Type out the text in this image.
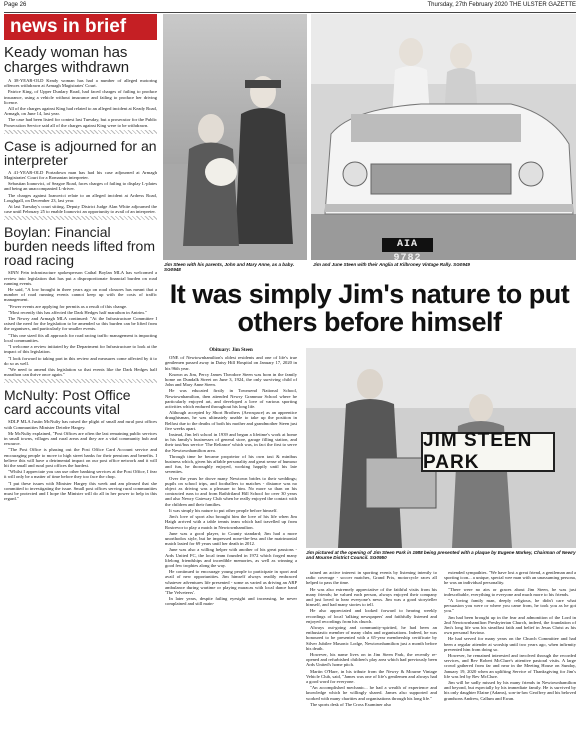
Page 26	Thursday, 27th February 2020 THE ULSTER GAZETTE
news in brief
Keady woman has charges withdrawn

A 38-YEAR-OLD Keady woman has had a number of alleged motoring offences withdrawn at Armagh Magistrates' Court.

Patrice King, of Upper Dunlary Road, had faced charges of failing to produce insurance, using a vehicle without insurance and failing to produce her driving licence.

All of the charges against King had related to an alleged incident at Keady Road, Armagh, on June 14, last year.

The case had been listed for contest last Tuesday, but a prosecutor for the Public Prosecution Service said all of the charges against King were to be withdrawn.

Case is adjourned for an interpreter

A 41-YEAR-OLD Portadown man has had his case adjourned at Armagh Magistrates' Court for a Romanian interpreter.

Sebastian Ioanovici, of Seagoe Road, faces charges of failing to display L-plates and being an unaccompanied L-driver.

The charges against Ioanovici relate to an alleged incident at Ardress Road, Loughgall, on December 23, last year.

At last Tuesday's court sitting, Deputy District Judge Alan White adjourned the case until February 25 to enable Ioanovici an opportunity to avail of an interpreter.

Boylan: Financial burden needs lifted from road racing

SINN Fein infrastructure spokesperson Cathal Boylan MLA has welcomed a review into legislation that has put a disproportionate financial burden on road running events.

He said, "A low brought in three years ago on road closures has meant that a number of road running events cannot keep up with the costs of traffic management.

"Fewer events are applying for permits as a result of this change.

"Most recently this has affected the Dark Hedges half marathon in Antrim."

The Newry and Armagh MLA continued: "At the Infrastructure Committee I raised the need for the legislation to be amended so this burden can be lifted from the organisers, and particularly for smaller events.

"This one sized fits all approach for road racing traffic management is impacting local communities.

"I welcome a review initiated by the Department for Infrastructure to look at the impact of this legislation.

"I look forward to taking part in this review and measures come affected by it to do so as well.

"We need to amend this legislation so that events like the Dark Hedges half marathon can thrive once again."

McNulty: Post Office card accounts vital

SDLP MLA Justin McNulty has raised the plight of small and rural post offices with Communities Minister Deirdre Hargey.

Mr McNulty explained, "Post Offices are often the last remaining public services in small towns, villages and rural areas and they are a vital community hub and resource.

"The Post Office is phasing out the Post Office Card Account service and encouraging people to move to high street banks for their pensions and benefits. I believe this will have a detrimental impact on our post office network and it will hit the small and rural post offices the hardest.

"Whilst I appreciate you can use other banking services at the Post Office, I fear it will only be a matter of time before they too face the chop.

"I put these issues with Minister Hargey this week and am pleased that she committed to investigating the issue. Small post offices serving rural communities must be protected and I hope the Minister will do all in her power to help in this regard."

Jim Steen with his parents, John and Mary Anne, as a baby. SG0948
AIA 9782
Jim and June Steen with their Anglia at Kilbroney Vintage Rally. SG0949
It was simply Jim's nature to put others before himself
Obituary: Jim Steen

ONE of Newtownhamilton's oldest residents and one of life's true gentlemen passed away in Daisy Hill Hospital on January 17, 2020 in his 96th year.

Known as Jim, Percy James Theodore Steen was born in the family home on Dundalk Street on June 3, 1924, the only surviving child of John and Mary Anne Steen.

He was educated firstly in Townsend National School, Newtownhamilton, then attended Newry Grammar School where he particularly enjoyed art, and developed a love of various sporting activities which endured throughout his long life.

Although accepted by Short Brothers (Aerospace) as an apprentice draughtsman, he was ultimately unable to take up the position in Belfast due to the deaths of both his mother and grandmother Steen just five weeks apart.

Instead, Jim left school in 1939 and began a lifetime's work at home in his family's businesses of general store, garage filling station, and their taxi/bus service 'The Reliance' which was, in fact the first to serve the Newtownhamilton area.

Through time he became proprietor of his own taxi & minibus business which, given his affable personality and great sense of humour and fun, he thoroughly enjoyed, working happily until his late seventies.

Over the years he drove many Newtown brides to their weddings; pupils on school trips, and footballers to matches - distance was no object as driving was a pleasure to him. No more so than on his contracted runs to and from Rathfriland Hill School for over 30 years and also Newry Gateway Club when he really enjoyed the contact with the children and their families.

It was simply his nature to put other people before himself.

Jim's love of sport also brought him the love of his life when Jim Haigh arrived with a table tennis team which had travelled up from Rostrevor to play a match in Newtownhamilton.

June was a good player, to County standard; Jim had a more unorthodox style, but he impressed none-the-less and the matrimonial match lasted for 69 years until her death in 2012.

June was also a willing helper with another of his great passions - Ards United FC, the local team founded in 1972 which forged many lifelong friendships and incredible memories, as well as winning a good few trophies along the way.

He continued to encourage young people to participate in sport and avail of new opportunities. Jim himself always readily embraced whatever adventures life presented - some as varied as driving an ARP ambulance during wartime or playing maracas with local dance band 'The Velveteers'.

In later years, despite failing eyesight and increasing, he never complained and still main-

JIM STEEN PARK
Jim pictured at the opening of Jim Steen Park in 1988 being presented with a plaque by Eugene Markey, Chairman of Newry and Mourne District Council. SG0950

tained an active interest in sporting events by listening intently to radio coverage - soccer matches, Grand Prix, motorcycle races all helped to pass the time.

He was also extremely appreciative of the faithful visits from his many friends; he valued each person, always enjoyed their company and just loved to hear everyone's news. Jim was a good storyteller himself, and had many stories to tell.

He also appreciated and looked forward to hearing weekly recordings of local 'talking newspapers' and faithfully listened and enjoyed recordings from his church.

Always out-going and community-spirited, he had been an enthusiastic member of many clubs and organisations. Indeed, he was honoured to be presented with a 65-year membership certificate by Silver Jubilee Masonic Lodge, Newtownhamilton just a month before his death.

However, his name lives on in Jim Steen Park, the recently re-opened and refurbished children's play area which had previously been Ards United's home pitch.

Martin O'Hare, in his tribute from the Newry & Mourne Vintage Vehicle Club, said, "James was one of life's gentlemen and always had a good word for everyone.

"An accomplished mechanic... he had a wealth of experience and knowledge which he willingly shared. James also supported and worked with many charities and organisations through his long life."

The sports desk of The Cross Examiner also

extended sympathies. "We have lost a great friend, a gentleman and a sporting icon... a unique, special wee man with an unassuming persona, he was an individual personality.

"There were no airs or graces about Jim Steen, he was just indescribable, everything to everyone and much more to his friends.

"A loving family man, deeply religious, he didn't care what persuasion you were or where you came from, he took you as he got you."

Jim had been brought up in the fear and admonition of the Lord in 2nd Newtownhamilton Presbyterian Church, indeed, the foundation of Jim's long life was his steadfast faith and belief in Jesus Christ as his own personal Saviour.

He had served for many years on the Church Committee and had been a regular attender at worship until two years ago, when infirmity prevented him from doing so.

However, he remained interested and involved through the recorded services, and Rev Robert McClure's attentive pastoral visits. A large crowd gathered from far and near in the Meeting House on Sunday, January 19, 2020 when an uplifting Service of Thanksgiving for Jim's life was led by Rev McClure.

Jim will be sadly missed by his many friends in Newtownhamilton and beyond, but especially by his immediate family. He is survived by his only daughter Elaine (Adams), son-in-law Geoffrey and his beloved grandsons Andrew, Callum and Ewan.
